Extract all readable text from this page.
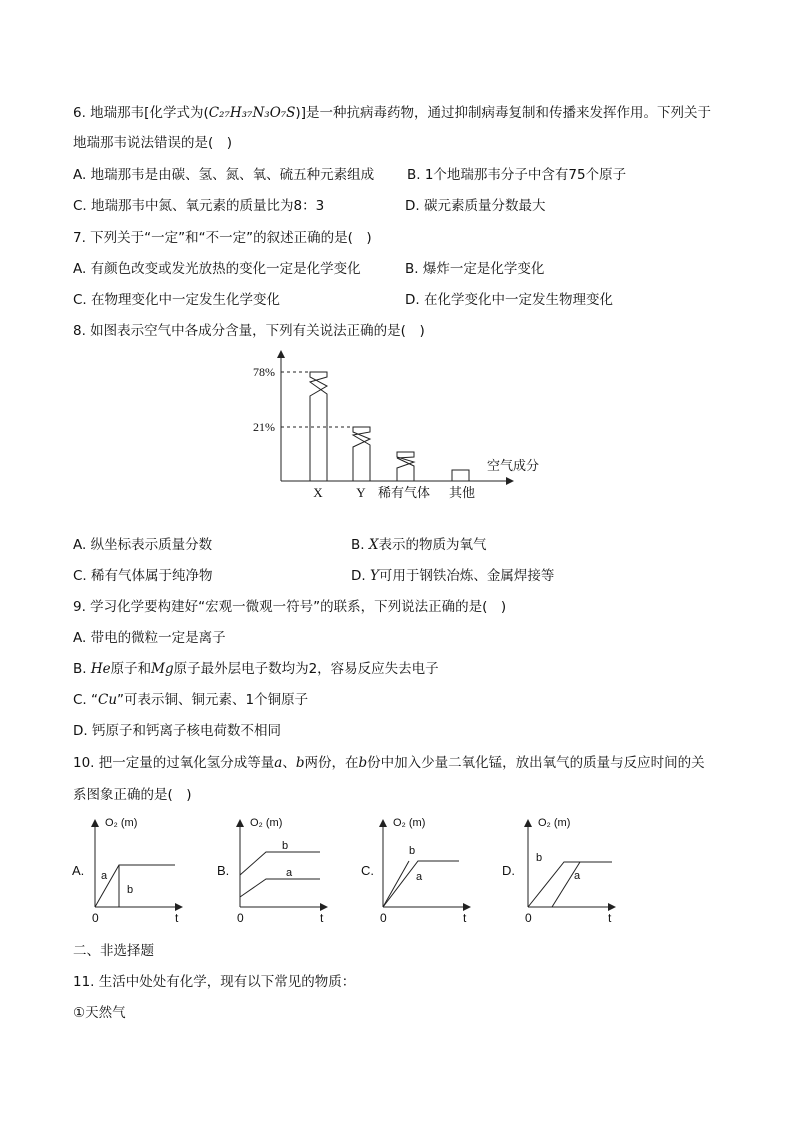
6. 地瑞那韦[化学式为(C₂₇H₃₇N₃O₇S)]是一种抗病毒药物，通过抑制病毒复制和传播来发挥作用。下列关于
地瑞那韦说法错误的是(　)
A. 地瑞那韦是由碳、氢、氮、氧、硫五种元素组成 B. 1个地瑞那韦分子中含有75个原子
C. 地瑞那韦中氮、氧元素的质量比为8：3	D. 碳元素质量分数最大
7. 下列关于“一定”和“不一定”的叙述正确的是(　)
A. 有颜色改变或发光放热的变化一定是化学变化	B. 爆炸一定是化学变化
C. 在物理变化中一定发生化学变化	D. 在化学变化中一定发生物理变化
8. 如图表示空气中各成分含量，下列有关说法正确的是(　)
78%
21%
X	Y 稀有气体 其他
空气成分
A. 纵坐标表示质量分数	B. X表示的物质为氧气
C. 稀有气体属于纯净物	D. Y可用于钢铁冶炼、金属焊接等
9. 学习化学要构建好“宏观一微观一符号”的联系，下列说法正确的是(　)
A. 带电的微粒一定是离子
B. He原子和Mg原子最外层电子数均为2，容易反应失去电子
C. “Cu”可表示铜、铜元素、1个铜原子
D. 钙原子和钙离子核电荷数不相同
10. 把一定量的过氧化氢分成等量a、b两份，在b份中加入少量二氧化锰，放出氧气的质量与反应时间的关
系图象正确的是(　)
A.
O₂ (m)
0	t
a
b
B.
O₂ (m)
0	t
b
a	C.
O₂ (m)
0	t
b
a	D.
O₂ (m)
0	t
b
a
二、非选择题
11. 生活中处处有化学，现有以下常见的物质：
①天然气
